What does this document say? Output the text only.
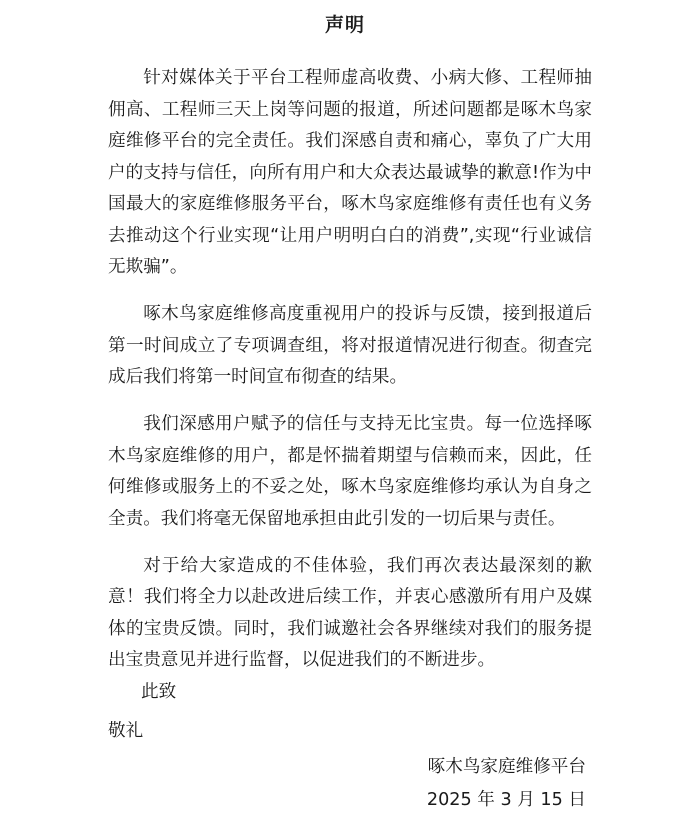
声明

针对媒体关于平台工程师虚高收费、小病大修、工程师抽佣高、工程师三天上岗等问题的报道，所述问题都是啄木鸟家庭维修平台的完全责任。我们深感自责和痛心，辜负了广大用户的支持与信任，向所有用户和大众表达最诚挚的歉意!作为中国最大的家庭维修服务平台，啄木鸟家庭维修有责任也有义务去推动这个行业实现“让用户明明白白的消费”,实现“行业诚信无欺骗”。

啄木鸟家庭维修高度重视用户的投诉与反馈，接到报道后第一时间成立了专项调查组，将对报道情况进行彻查。彻查完成后我们将第一时间宣布彻查的结果。

我们深感用户赋予的信任与支持无比宝贵。每一位选择啄木鸟家庭维修的用户，都是怀揣着期望与信赖而来，因此，任何维修或服务上的不妥之处，啄木鸟家庭维修均承认为自身之全责。我们将毫无保留地承担由此引发的一切后果与责任。

对于给大家造成的不佳体验，我们再次表达最深刻的歉意！我们将全力以赴改进后续工作，并衷心感激所有用户及媒体的宝贵反馈。同时，我们诚邀社会各界继续对我们的服务提出宝贵意见并进行监督，以促进我们的不断进步。

此致
敬礼
啄木鸟家庭维修平台
2025 年 3 月 15 日
